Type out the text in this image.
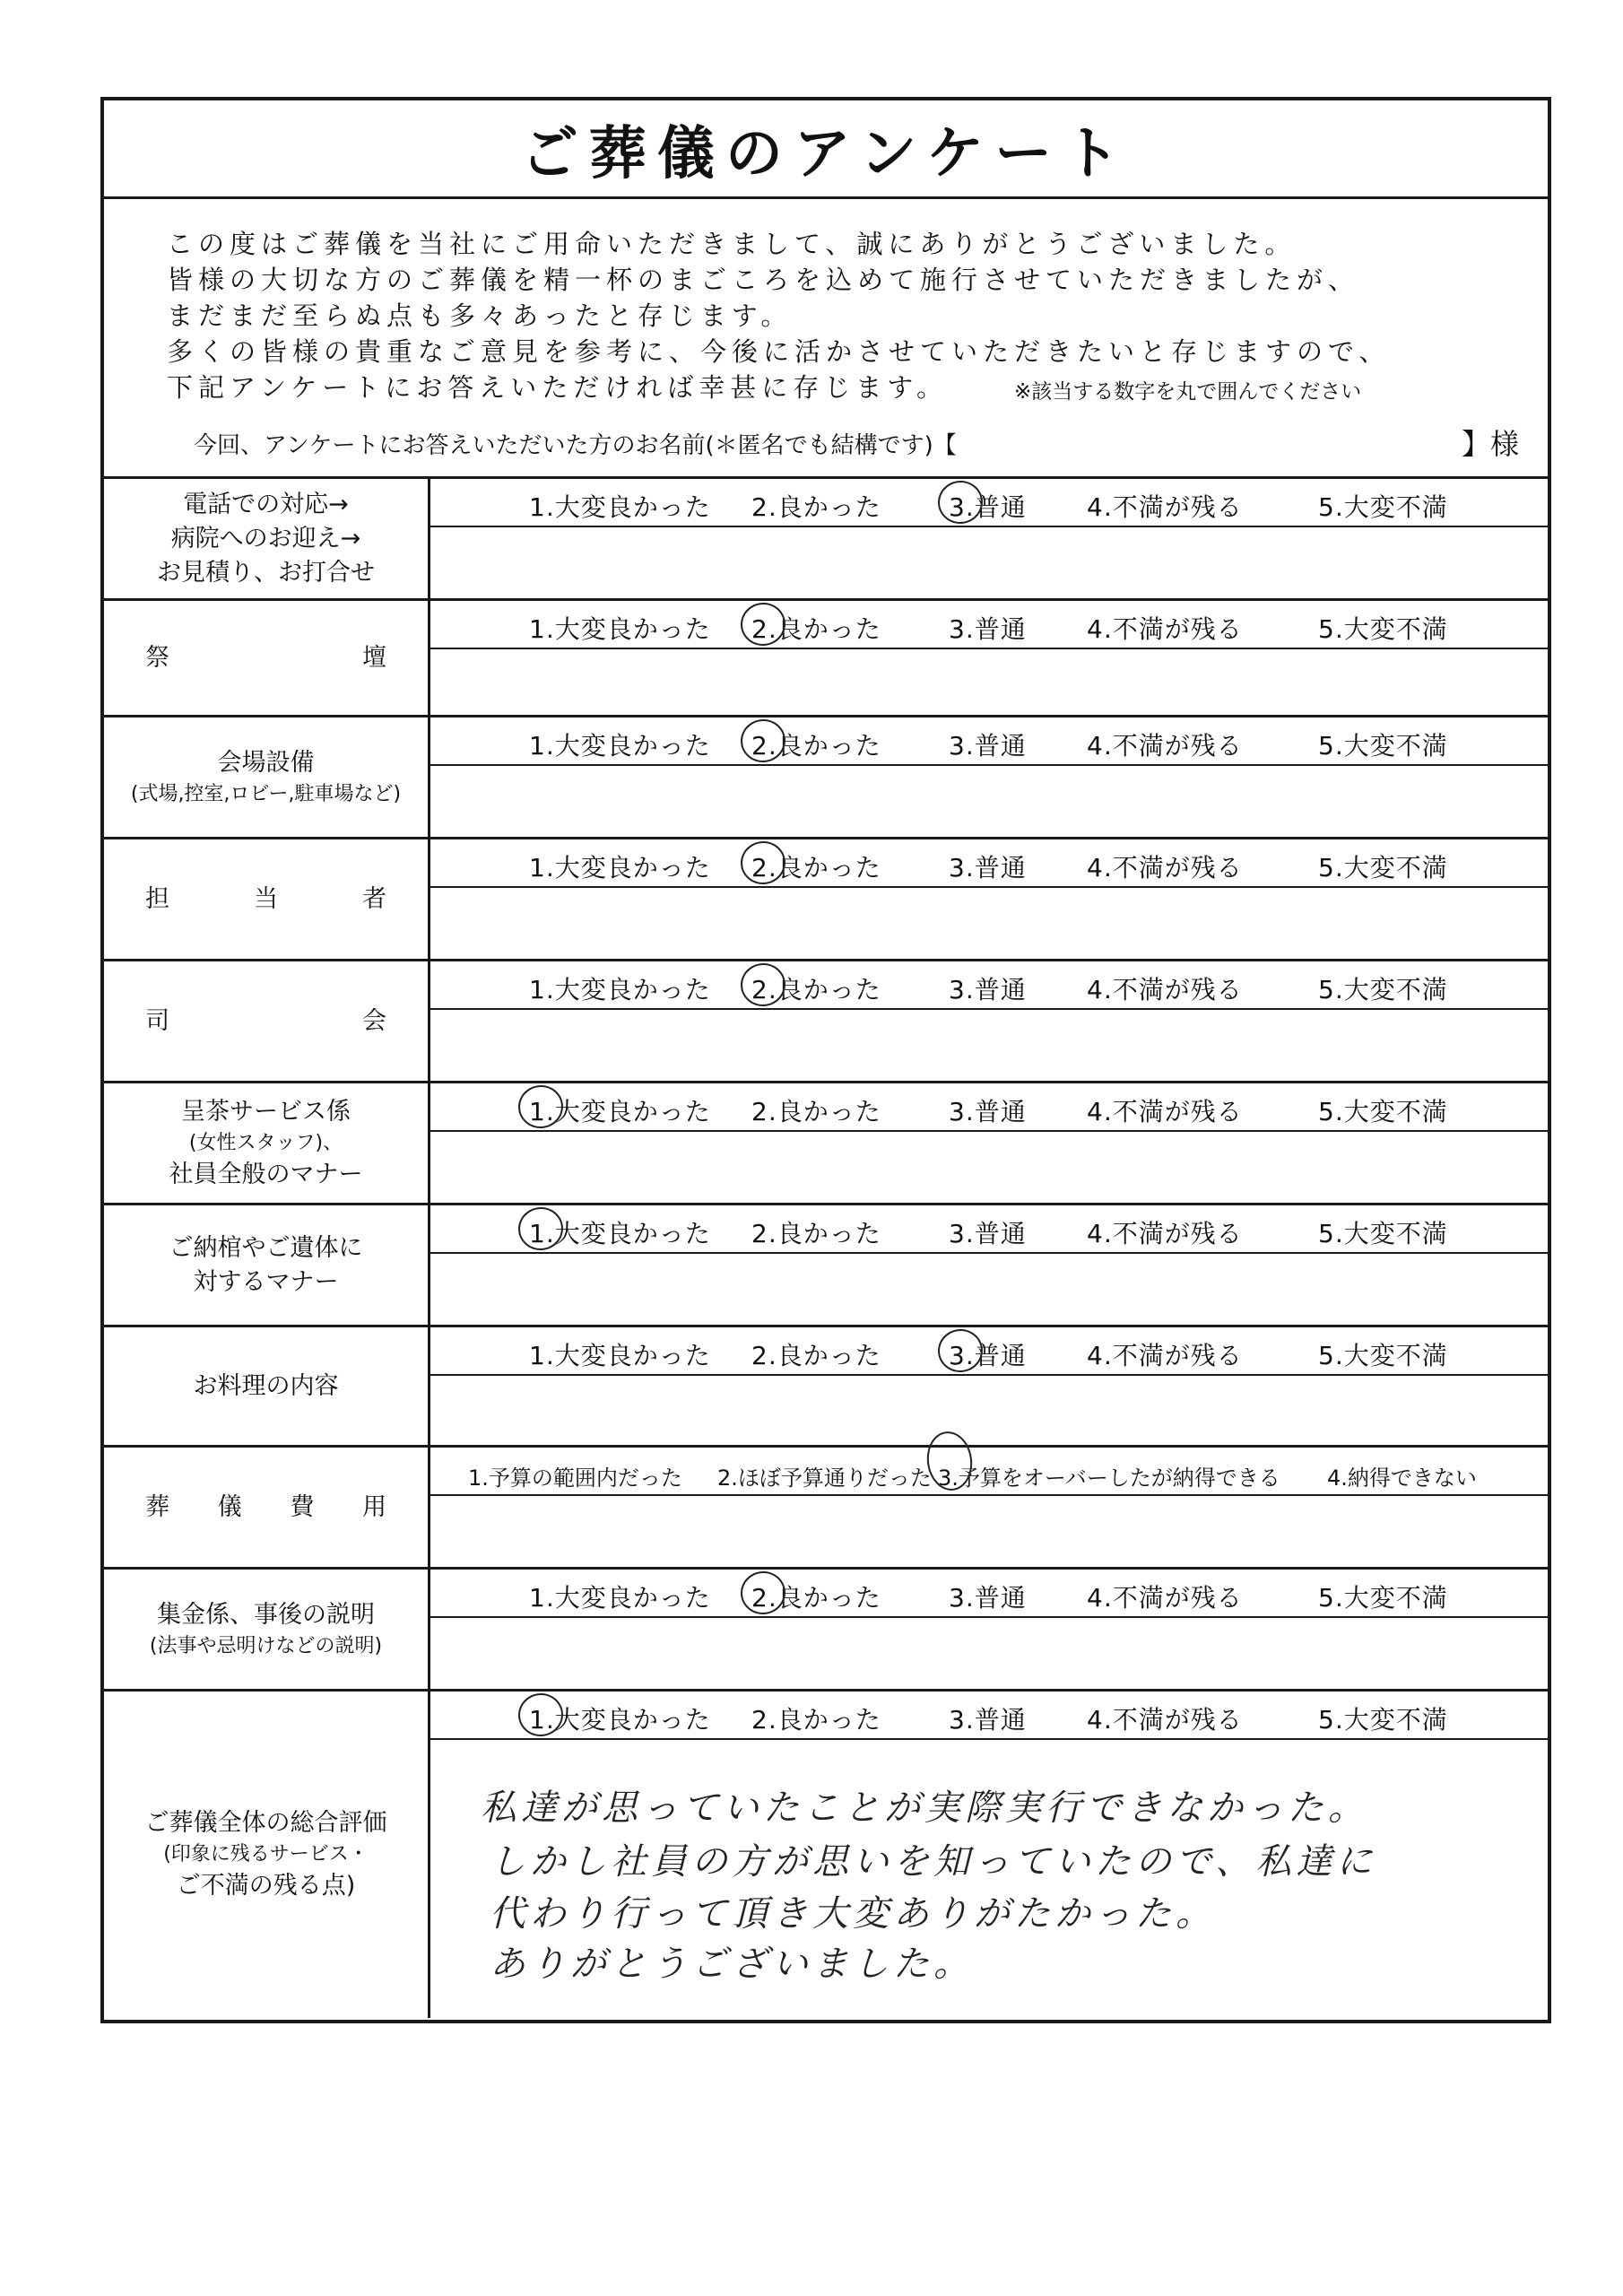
ご葬儀のアンケート
この度はご葬儀を当社にご用命いただきまして、誠にありがとうございました。
皆様の大切な方のご葬儀を精一杯のまごころを込めて施行させていただきましたが、
まだまだ至らぬ点も多々あったと存じます。
多くの皆様の貴重なご意見を参考に、今後に活かさせていただきたいと存じますので、
下記アンケートにお答えいただければ幸甚に存じます。	※該当する数字を丸で囲んでください
今回、アンケートにお答えいただいた方のお名前(＊匿名でも結構です)【	】様
電話での対応→
病院へのお迎え→
お見積り、お打合せ
1.大変良かった 2.良かった	3.普通 4.不満が残る	5.大変不満
祭	壇
1.大変良かった 2.良かった	3.普通 4.不満が残る	5.大変不満
会場設備
(式場,控室,ロビー,駐車場など)
1.大変良かった 2.良かった	3.普通 4.不満が残る	5.大変不満
担	当	者
1.大変良かった 2.良かった	3.普通 4.不満が残る	5.大変不満
司	会
1.大変良かった 2.良かった	3.普通 4.不満が残る	5.大変不満
呈茶サービス係
(女性スタッフ)、
社員全般のマナー
1.大変良かった 2.良かった	3.普通 4.不満が残る	5.大変不満
ご納棺やご遺体に
対するマナー
1.大変良かった 2.良かった	3.普通 4.不満が残る	5.大変不満
お料理の内容
1.大変良かった 2.良かった	3.普通 4.不満が残る	5.大変不満
葬 儀 費 用
1.予算の範囲内だった 2.ほぼ予算通りだった 3.予算をオーバーしたが納得できる 4.納得できない
集金係、事後の説明
(法事や忌明けなどの説明)
1.大変良かった 2.良かった	3.普通 4.不満が残る	5.大変不満
ご葬儀全体の総合評価
(印象に残るサービス・
ご不満の残る点)
1.大変良かった 2.良かった	3.普通 4.不満が残る	5.大変不満
私達が思っていたことが実際実行できなかった。
しかし社員の方が思いを知っていたので、私達に
代わり行って頂き大変ありがたかった。
ありがとうございました。
